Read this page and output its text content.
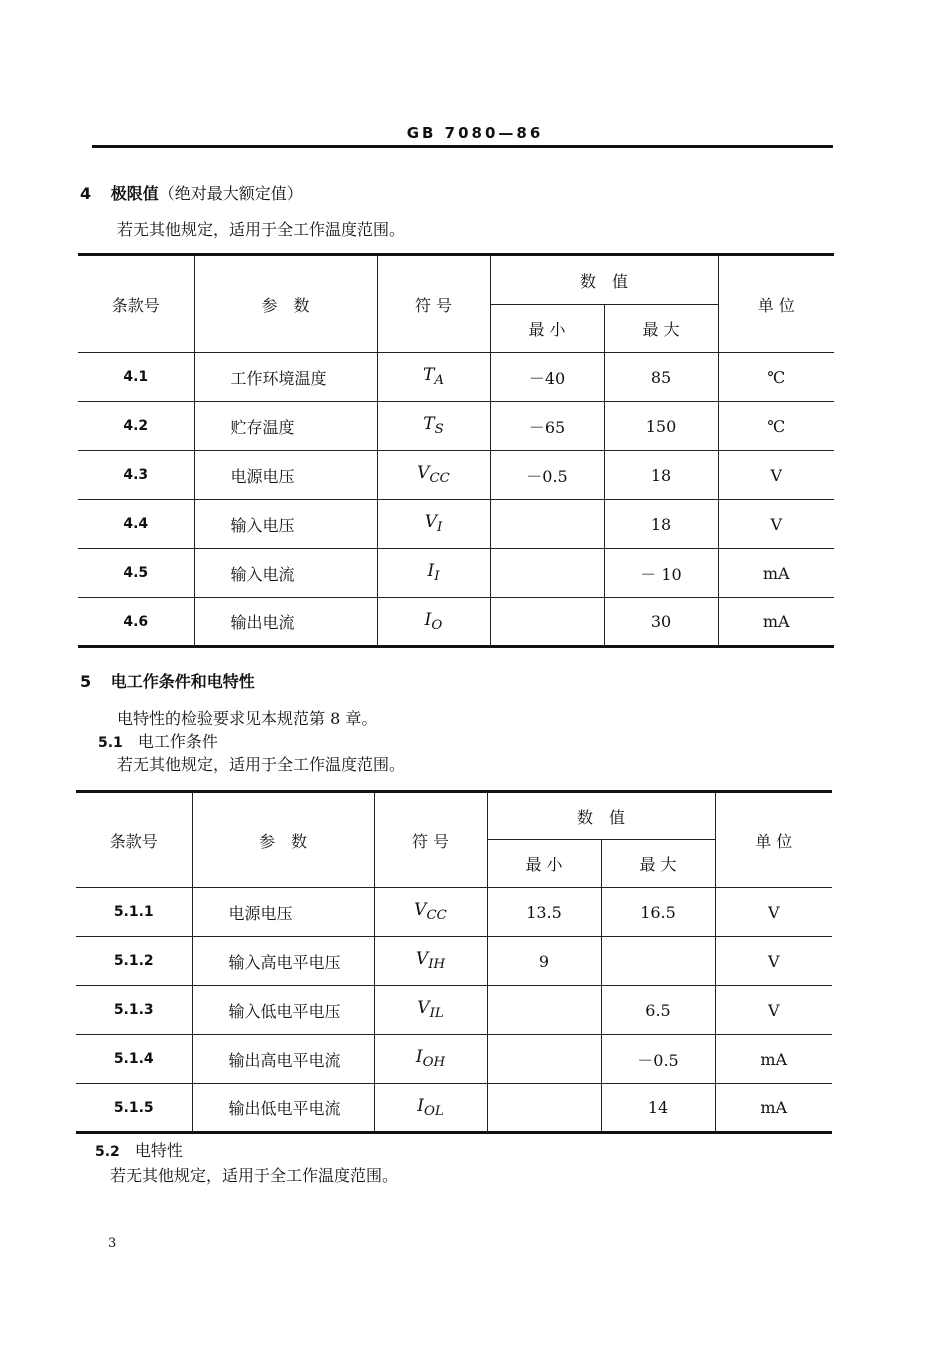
GB 7080—86
4 极限值（绝对最大额定值）
若无其他规定，适用于全工作温度范围。
条款号	参　数	符 号	数　值		单 位
			最 小	最 大	
4.1	工作环境温度	$T_A$	－40	85	℃
4.2	贮存温度	$T_S$	－65	150	℃
4.3	电源电压	$V_{CC}$	－0.5	18	V
4.4	输入电压	$V_I$		18	V
4.5	输入电流	$I_I$		－ 10	mA
4.6	输出电流	$I_O$		30	mA
5 电工作条件和电特性
电特性的检验要求见本规范第 8 章。
5.1 电工作条件
若无其他规定，适用于全工作温度范围。
条款号	参　数	符 号	数　值		单 位
			最 小	最 大	
5.1.1	电源电压	$V_{CC}$	13.5	16.5	V
5.1.2	输入高电平电压	$V_{IH}$	9		V
5.1.3	输入低电平电压	$V_{IL}$		6.5	V
5.1.4	输出高电平电流	$I_{OH}$		－0.5	mA
5.1.5	输出低电平电流	$I_{OL}$		14	mA
5.2 电特性
若无其他规定，适用于全工作温度范围。
3
